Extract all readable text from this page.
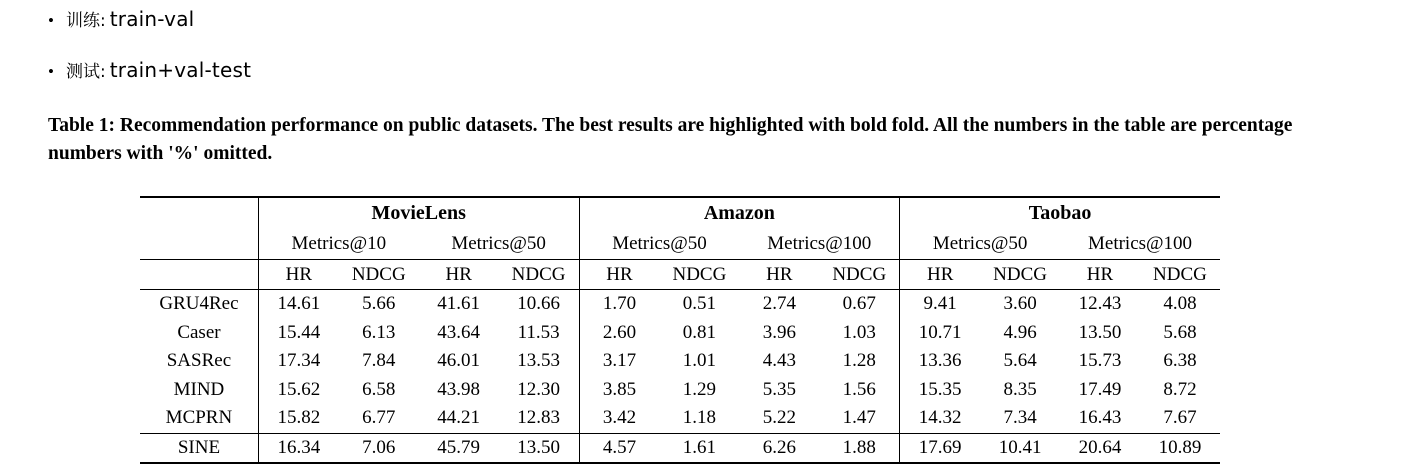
• 训练: train-val
• 测试: train+val-test
Table 1: Recommendation performance on public datasets. The best results are highlighted with bold fold. All the numbers in the table are percentage numbers with '%' omitted.
	MovieLens				Amazon				Taobao			
	Metrics@10		Metrics@50		Metrics@50		Metrics@100		Metrics@50		Metrics@100	
	HR	NDCG	HR	NDCG	HR	NDCG	HR	NDCG	HR	NDCG	HR	NDCG
GRU4Rec	14.61	5.66	41.61	10.66	1.70	0.51	2.74	0.67	9.41	3.60	12.43	4.08
Caser	15.44	6.13	43.64	11.53	2.60	0.81	3.96	1.03	10.71	4.96	13.50	5.68
SASRec	17.34	7.84	46.01	13.53	3.17	1.01	4.43	1.28	13.36	5.64	15.73	6.38
MIND	15.62	6.58	43.98	12.30	3.85	1.29	5.35	1.56	15.35	8.35	17.49	8.72
MCPRN	15.82	6.77	44.21	12.83	3.42	1.18	5.22	1.47	14.32	7.34	16.43	7.67
SINE	16.34	7.06	45.79	13.50	4.57	1.61	6.26	1.88	17.69	10.41	20.64	10.89
